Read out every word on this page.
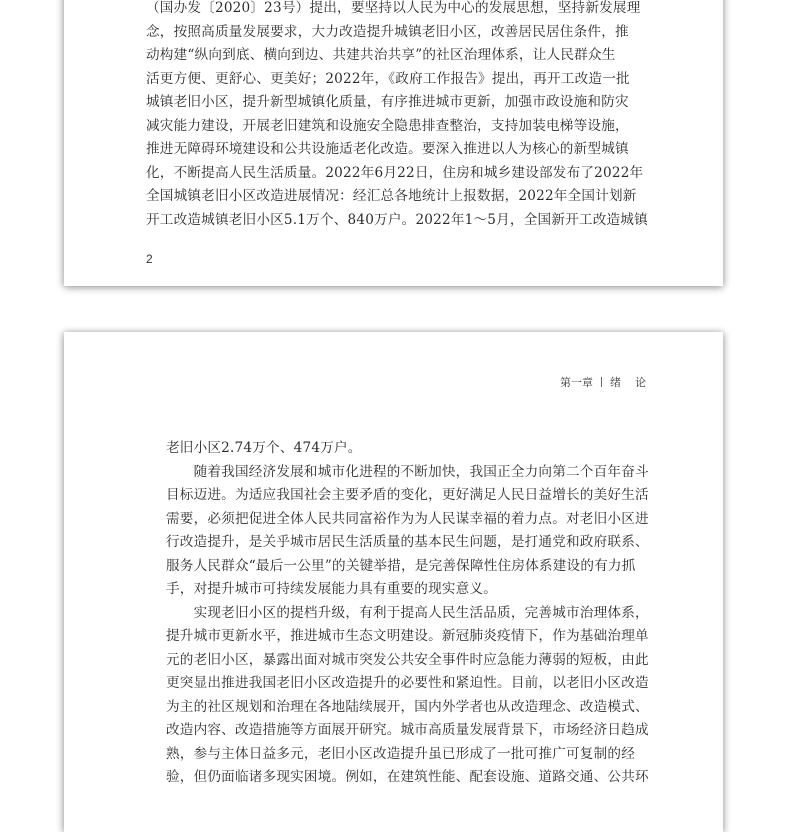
（国办发〔2020〕23号）提出，要坚持以人民为中心的发展思想，坚持新发展理
念，按照高质量发展要求，大力改造提升城镇老旧小区，改善居民居住条件，推
动构建“纵向到底、横向到边、共建共治共享”的社区治理体系，让人民群众生
活更方便、更舒心、更美好；2022年，《政府工作报告》提出，再开工改造一批
城镇老旧小区，提升新型城镇化质量，有序推进城市更新，加强市政设施和防灾
减灾能力建设，开展老旧建筑和设施安全隐患排查整治，支持加装电梯等设施，
推进无障碍环境建设和公共设施适老化改造。要深入推进以人为核心的新型城镇
化，不断提高人民生活质量。2022年6月22日，住房和城乡建设部发布了2022年
全国城镇老旧小区改造进展情况：经汇总各地统计上报数据，2022年全国计划新
开工改造城镇老旧小区5.1万个、840万户。2022年1～5月，全国新开工改造城镇
2
第一章 绪论
老旧小区2.74万个、474万户。
　　随着我国经济发展和城市化进程的不断加快，我国正全力向第二个百年奋斗
目标迈进。为适应我国社会主要矛盾的变化，更好满足人民日益增长的美好生活
需要，必须把促进全体人民共同富裕作为为人民谋幸福的着力点。对老旧小区进
行改造提升，是关乎城市居民生活质量的基本民生问题，是打通党和政府联系、
服务人民群众“最后一公里”的关键举措，是完善保障性住房体系建设的有力抓
手，对提升城市可持续发展能力具有重要的现实意义。
　　实现老旧小区的提档升级，有利于提高人民生活品质，完善城市治理体系，
提升城市更新水平，推进城市生态文明建设。新冠肺炎疫情下，作为基础治理单
元的老旧小区，暴露出面对城市突发公共安全事件时应急能力薄弱的短板，由此
更突显出推进我国老旧小区改造提升的必要性和紧迫性。目前，以老旧小区改造
为主的社区规划和治理在各地陆续展开，国内外学者也从改造理念、改造模式、
改造内容、改造措施等方面展开研究。城市高质量发展背景下，市场经济日趋成
熟，参与主体日益多元，老旧小区改造提升虽已形成了一批可推广可复制的经
验，但仍面临诸多现实困境。例如，在建筑性能、配套设施、道路交通、公共环
